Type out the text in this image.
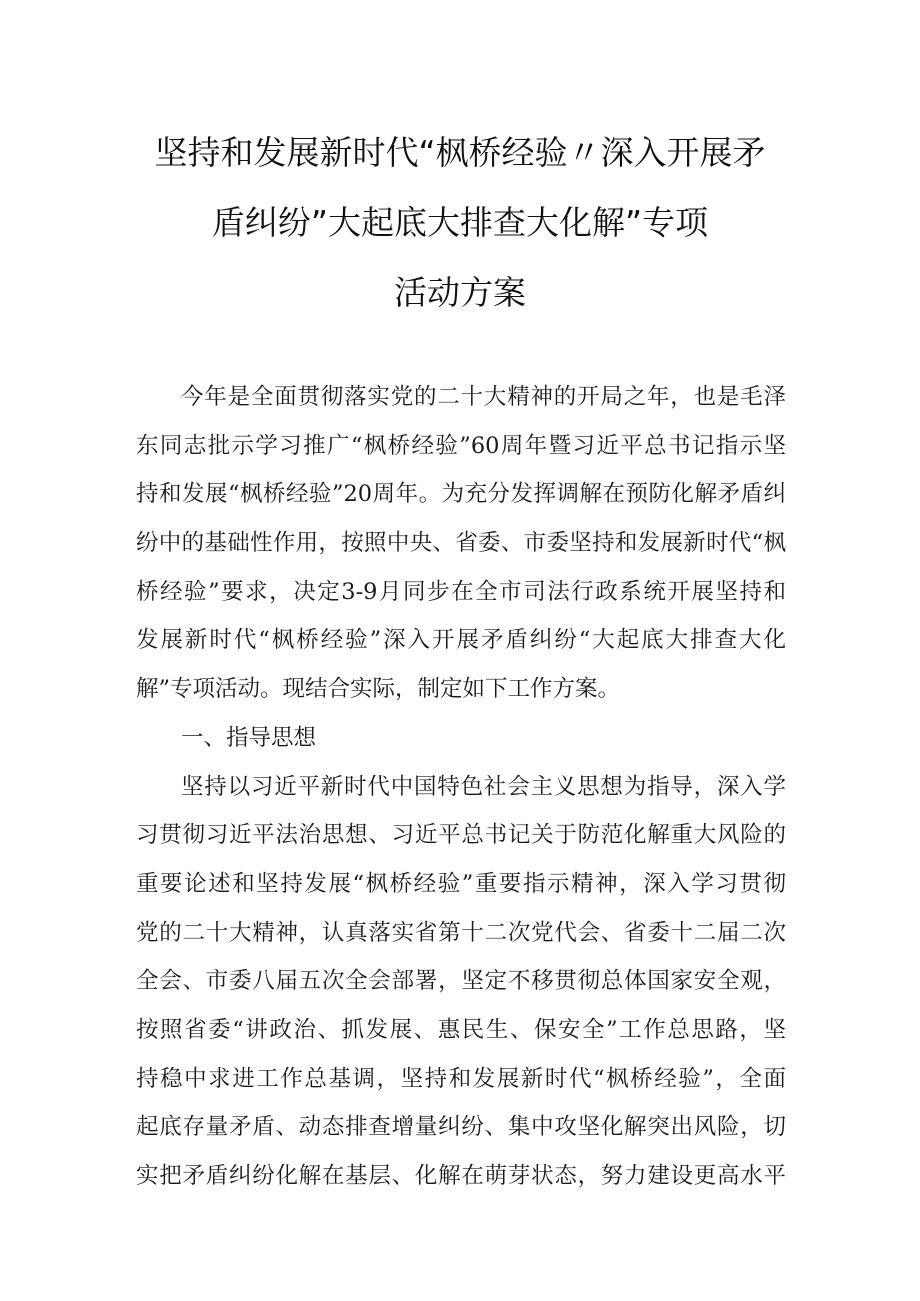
坚持和发展新时代“枫桥经验〃深入开展矛
盾纠纷”大起底大排查大化解”专项
活动方案
今年是全面贯彻落实党的二十大精神的开局之年，也是毛泽
东同志批示学习推广“枫桥经验”60周年暨习近平总书记指示坚
持和发展“枫桥经验”20周年。为充分发挥调解在预防化解矛盾纠
纷中的基础性作用，按照中央、省委、市委坚持和发展新时代“枫
桥经验”要求，决定3-9月同步在全市司法行政系统开展坚持和
发展新时代“枫桥经验”深入开展矛盾纠纷“大起底大排查大化
解”专项活动。现结合实际，制定如下工作方案。
一、指导思想
坚持以习近平新时代中国特色社会主义思想为指导，深入学
习贯彻习近平法治思想、习近平总书记关于防范化解重大风险的
重要论述和坚持发展“枫桥经验”重要指示精神，深入学习贯彻
党的二十大精神，认真落实省第十二次党代会、省委十二届二次
全会、市委八届五次全会部署，坚定不移贯彻总体国家安全观，
按照省委“讲政治、抓发展、惠民生、保安全”工作总思路，坚
持稳中求进工作总基调，坚持和发展新时代“枫桥经验”，全面
起底存量矛盾、动态排查增量纠纷、集中攻坚化解突出风险，切
实把矛盾纠纷化解在基层、化解在萌芽状态，努力建设更高水平
